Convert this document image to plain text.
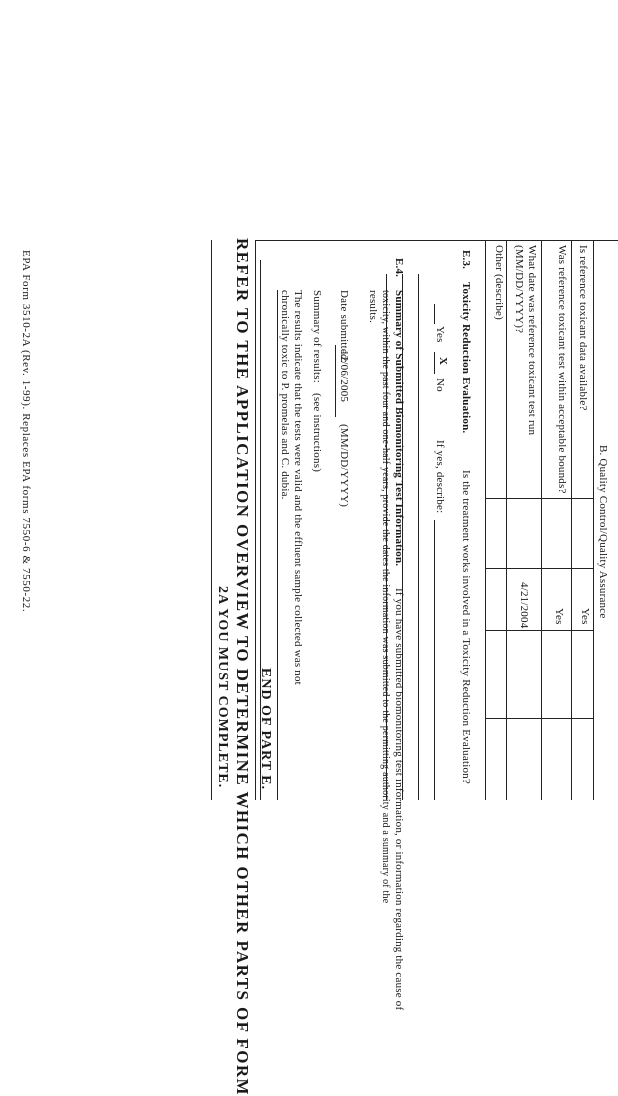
B. Quality Control/Quality Assurance
Is reference toxicant data available?
Yes
Was reference toxicant test within acceptable bounds?
Yes
What date was reference toxicant test run (MM/DD/YYYY)?
4/21/2004
Other (describe)
E.3.
Toxicity Reduction Evaluation.
Is the treatment works involved in a Toxicity Reduction Evaluation?
Yes
X
No
If yes, describe:
E.4.
Summary of Submitted Biomonitoring Test Information.
If you have submitted biomonitoring test information, or information regarding the cause of
toxicity, within the past four and one-half years, provide the dates the information was submitted to the permitting authority and a summary of the
results.
Date submitted:
12/06/2005
(MM/DD/YYYY)
Summary of results:
(see instructions)
The results indicate that the tests were valid and the effluent sample collected was not
chronically toxic to P. promelas and C. dubia.
END OF PART E.
REFER TO THE APPLICATION OVERVIEW TO DETERMINE WHICH OTHER PARTS OF FORM
2A YOU MUST COMPLETE.
EPA Form 3510-2A (Rev. 1-99). Replaces EPA forms 7550-6 & 7550-22.
